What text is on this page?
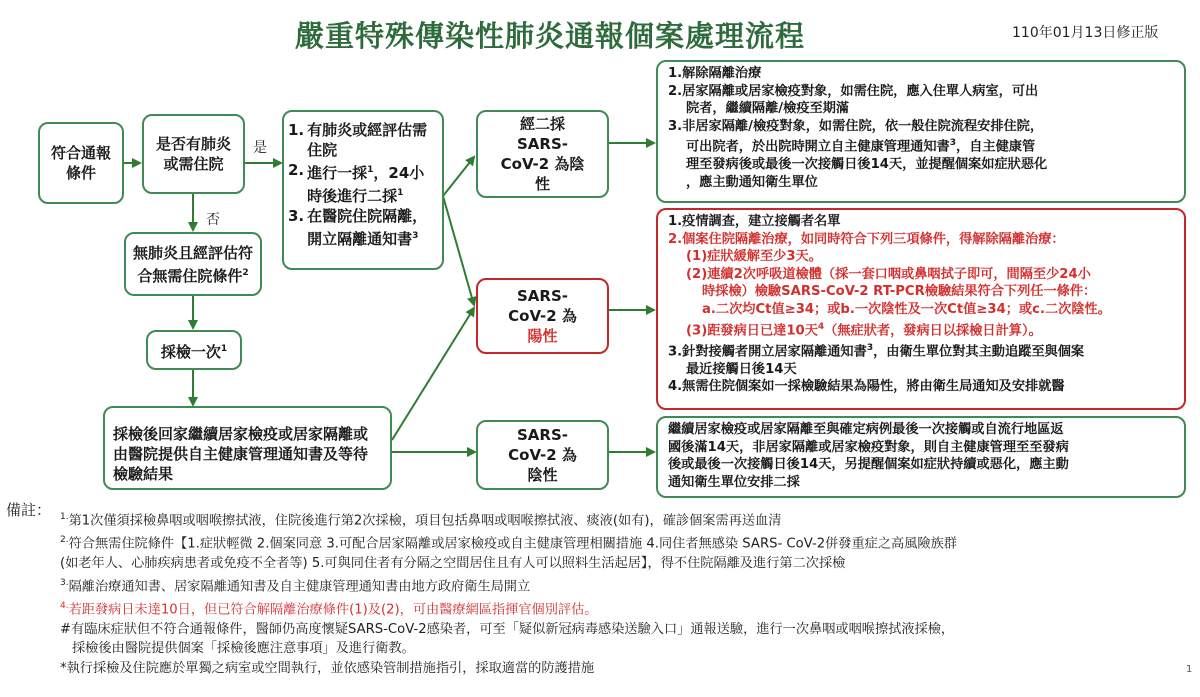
嚴重特殊傳染性肺炎通報個案處理流程	110年01月13日修正版
是
否
符合通報條件
是否有肺炎或需住院
無肺炎且經評估符合無需住院條件$^2$
採檢一次$^1$
採檢後回家繼續居家檢疫或居家隔離或由醫院提供自主健康管理通知書及等待檢驗結果
1. 有肺炎或經評估需住院
2. 進行一採$^1$，24小時後進行二採$^1$
3. 在醫院住院隔離，開立隔離通知書$^3$
經二採 SARS-CoV-2 為陰性
SARS-CoV-2 為陽性
SARS-CoV-2 為陰性
1.解除隔離治療
2.居家隔離或居家檢疫對象，如需住院，應入住單人病室，可出
院者，繼續隔離/檢疫至期滿
3.非居家隔離/檢疫對象，如需住院，依一般住院流程安排住院，
可出院者，於出院時開立自主健康管理通知書$^3$，自主健康管
理至發病後或最後一次接觸日後14天，並提醒個案如症狀惡化
，應主動通知衛生單位
1.疫情調查，建立接觸者名單
2.個案住院隔離治療，如同時符合下列三項條件，得解除隔離治療：
(1)症狀緩解至少3天。
(2)連續2次呼吸道檢體（採一套口咽或鼻咽拭子即可，間隔至少24小
時採檢）檢驗SARS-CoV-2 RT-PCR檢驗結果符合下列任一條件：
a.二次均Ct值≥34；或b.一次陰性及一次Ct值≥34；或c.二次陰性。
(3)距發病日已達10天$^4$（無症狀者，發病日以採檢日計算）。
3.針對接觸者開立居家隔離通知書$^3$，由衛生單位對其主動追蹤至與個案
最近接觸日後14天
4.無需住院個案如一採檢驗結果為陽性，將由衛生局通知及安排就醫
繼續居家檢疫或居家隔離至與確定病例最後一次接觸或自流行地區返
國後滿14天，非居家隔離或居家檢疫對象，則自主健康管理至至發病
後或最後一次接觸日後14天，另提醒個案如症狀持續或惡化，應主動
通知衛生單位安排二採
備註： $^{1.}$第1次僅須採檢鼻咽或咽喉擦拭液，住院後進行第2次採檢，項目包括鼻咽或咽喉擦拭液、痰液(如有)，確診個案需再送血清

$^{2.}$符合無需住院條件【1.症狀輕微 2.個案同意 3.可配合居家隔離或居家檢疫或自主健康管理相關措施 4.同住者無感染 SARS- CoV-2併發重症之高風險族群

(如老年人、心肺疾病患者或免疫不全者等) 5.可與同住者有分隔之空間居住且有人可以照料生活起居】，得不住院隔離及進行第二次採檢

$^{3.}$隔離治療通知書、居家隔離通知書及自主健康管理通知書由地方政府衛生局開立

$^{4.}$若距發病日未達10日，但已符合解隔離治療條件(1)及(2)，可由醫療網區指揮官個別評估。

#有臨床症狀但不符合通報條件，醫師仍高度懷疑SARS-CoV-2感染者，可至「疑似新冠病毒感染送驗入口」通報送驗，進行一次鼻咽或咽喉擦拭液採檢，

採檢後由醫院提供個案「採檢後應注意事項」及進行衛教。

*執行採檢及住院應於單獨之病室或空間執行，並依感染管制措施指引，採取適當的防護措施	1
